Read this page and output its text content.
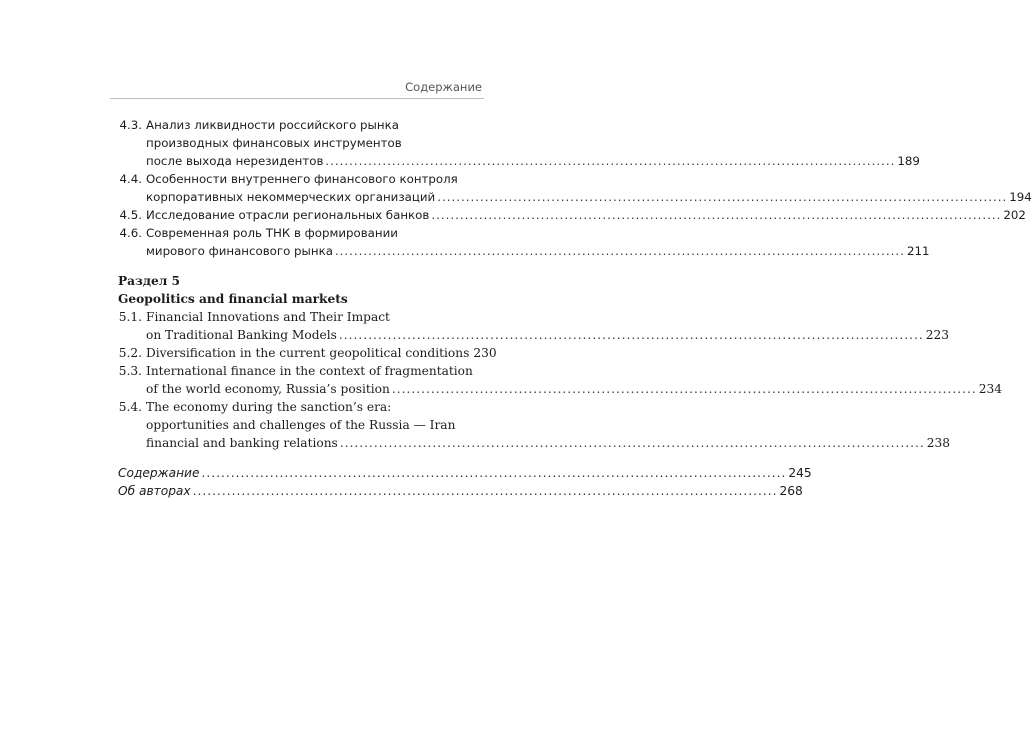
Содержание
4.3. Анализ ликвидности российского рынка
производных финансовых инструментов
после выхода нерезидентов ........................................................................................................................ 189
4.4. Особенности внутреннего финансового контроля
корпоративных некоммерческих организаций ........................................................................................................................ 194
4.5. Исследование отрасли региональных банков ........................................................................................................................ 202
4.6. Современная роль ТНК в формировании
мирового финансового рынка ........................................................................................................................ 211
Раздел 5
Geopolitics and financial markets
5.1. Financial Innovations and Their Impact
on Traditional Banking Models ........................................................................................................................ 223
5.2. Diversification in the current geopolitical conditions 230
5.3. International finance in the context of fragmentation
of the world economy, Russia’s position ........................................................................................................................ 234
5.4. The economy during the sanction’s era:
opportunities and challenges of the Russia — Iran
financial and banking relations ........................................................................................................................ 238
Содержание ........................................................................................................................ 245
Об авторах ........................................................................................................................ 268
